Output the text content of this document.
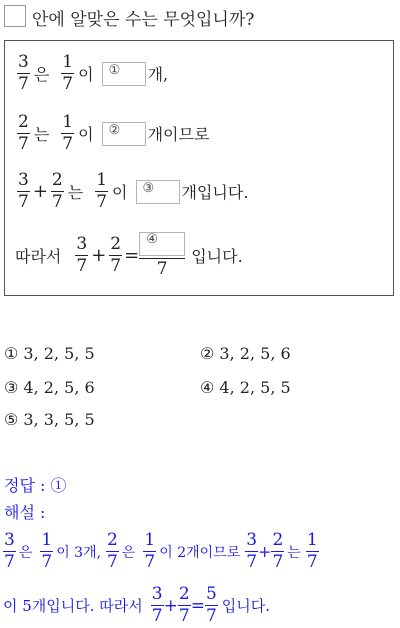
안에 알맞은 수는 무엇입니까?
$\frac{3}{7}$ 은 $\frac{1}{7}$ 이 ① 개,
$\frac{2}{7}$ 는 $\frac{1}{7}$ 이 ② 개이므로
$\frac{3}{7} + \frac{2}{7}$ 는 $\frac{1}{7}$ 이 ③ 개입니다.
따라서 $\frac{3}{7} + \frac{2}{7} = \frac{\text{④}}{7}$ 입니다.
① 3, 2, 5, 5	② 3, 2, 5, 6
③ 4, 2, 5, 6	④ 4, 2, 5, 5
⑤ 3, 3, 5, 5
정답 : ①
해설 :
$\frac{3}{7}$ 은 $\frac{1}{7}$ 이 3개, $\frac{2}{7}$ 은 $\frac{1}{7}$ 이 2개이므로 $\frac{3}{7} + \frac{2}{7}$ 는 $\frac{1}{7}$
이 5개입니다. 따라서 $\frac{3}{7} + \frac{2}{7} = \frac{5}{7}$ 입니다.
